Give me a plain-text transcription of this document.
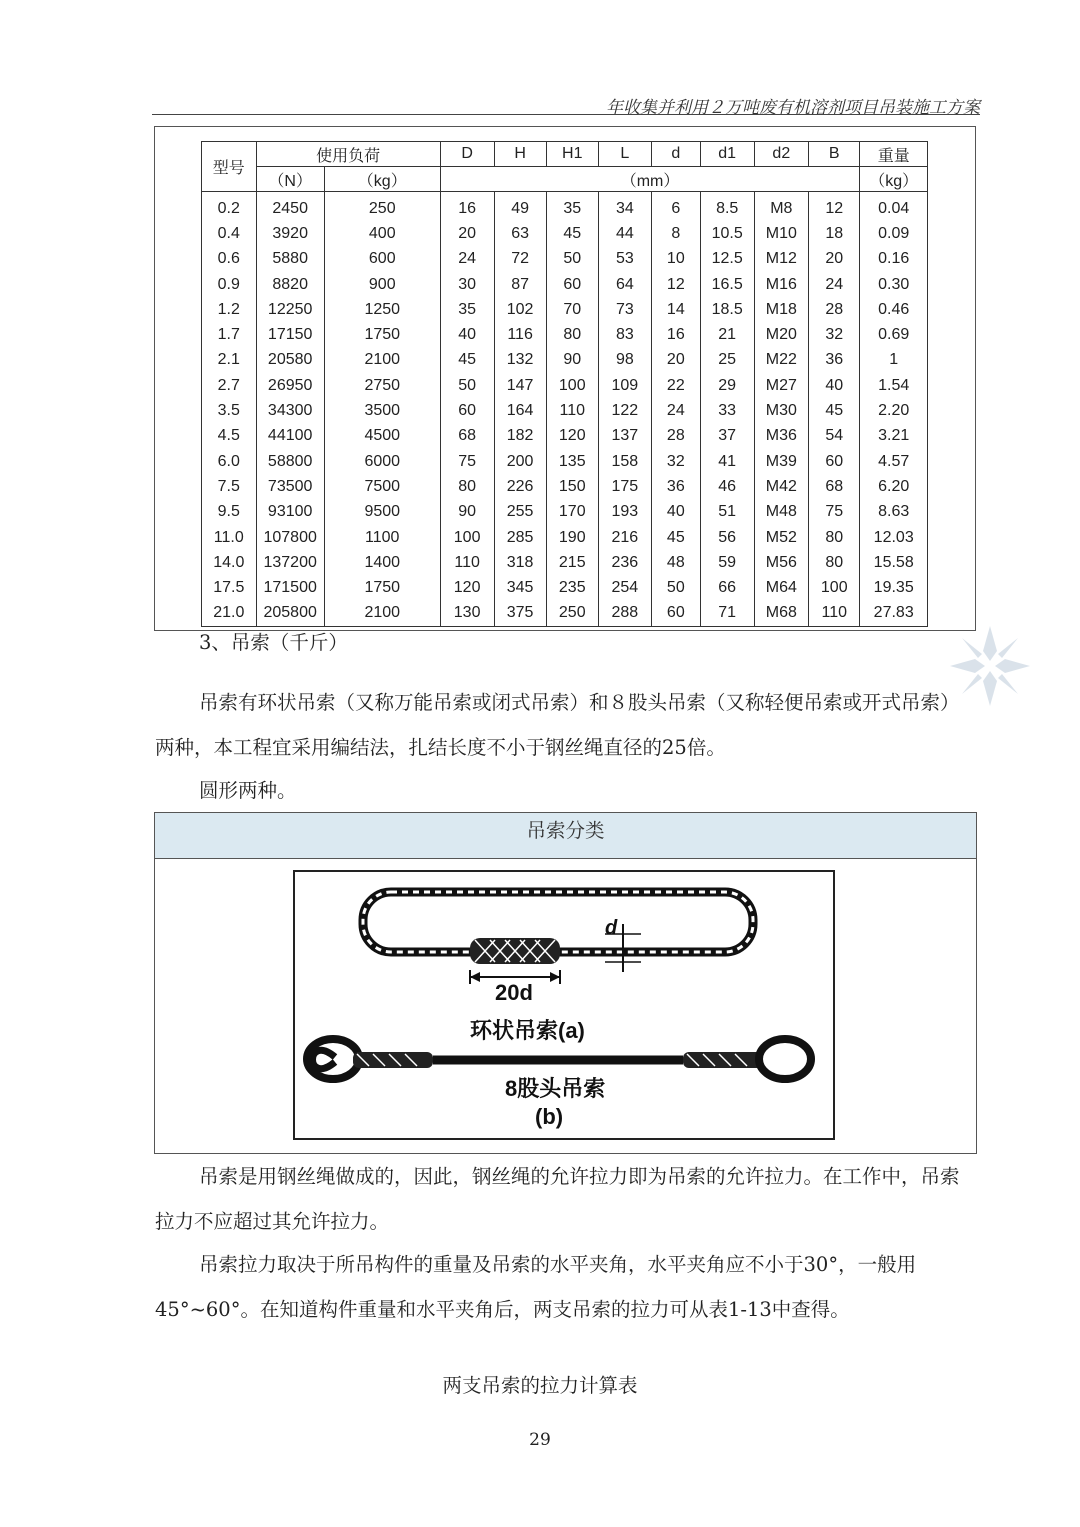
年收集并利用２万吨废有机溶剂项目吊装施工方案
型号	使用负荷		D	H	H1	L	d	d1	d2	B	重量
	（N）	（kg）	（mm）								（kg）
0.2	2450	250	16	49	35	34	6	8.5	M8	12	0.04
0.4	3920	400	20	63	45	44	8	10.5	M10	18	0.09
0.6	5880	600	24	72	50	53	10	12.5	M12	20	0.16
0.9	8820	900	30	87	60	64	12	16.5	M16	24	0.30
1.2	12250	1250	35	102	70	73	14	18.5	M18	28	0.46
1.7	17150	1750	40	116	80	83	16	21	M20	32	0.69
2.1	20580	2100	45	132	90	98	20	25	M22	36	1
2.7	26950	2750	50	147	100	109	22	29	M27	40	1.54
3.5	34300	3500	60	164	110	122	24	33	M30	45	2.20
4.5	44100	4500	68	182	120	137	28	37	M36	54	3.21
6.0	58800	6000	75	200	135	158	32	41	M39	60	4.57
7.5	73500	7500	80	226	150	175	36	46	M42	68	6.20
9.5	93100	9500	90	255	170	193	40	51	M48	75	8.63
11.0	107800	1100	100	285	190	216	45	56	M52	80	12.03
14.0	137200	1400	110	318	215	236	48	59	M56	80	15.58
17.5	171500	1750	120	345	235	254	50	66	M64	100	19.35
21.0	205800	2100	130	375	250	288	60	71	M68	110	27.83
3、吊索（千斤）
吊索有环状吊索（又称万能吊索或闭式吊索）和８股头吊索（又称轻便吊索或开式吊索）两种，本工程宜采用编结法，扎结长度不小于钢丝绳直径的25倍。
圆形两种。
吊索分类
20d
d
环状吊索(a)
8股头吊索
(b)
吊索是用钢丝绳做成的，因此，钢丝绳的允许拉力即为吊索的允许拉力。在工作中，吊索拉力不应超过其允许拉力。
吊索拉力取决于所吊构件的重量及吊索的水平夹角，水平夹角应不小于30°，一般用45°~60°。在知道构件重量和水平夹角后，两支吊索的拉力可从表1-13中查得。
两支吊索的拉力计算表
29
